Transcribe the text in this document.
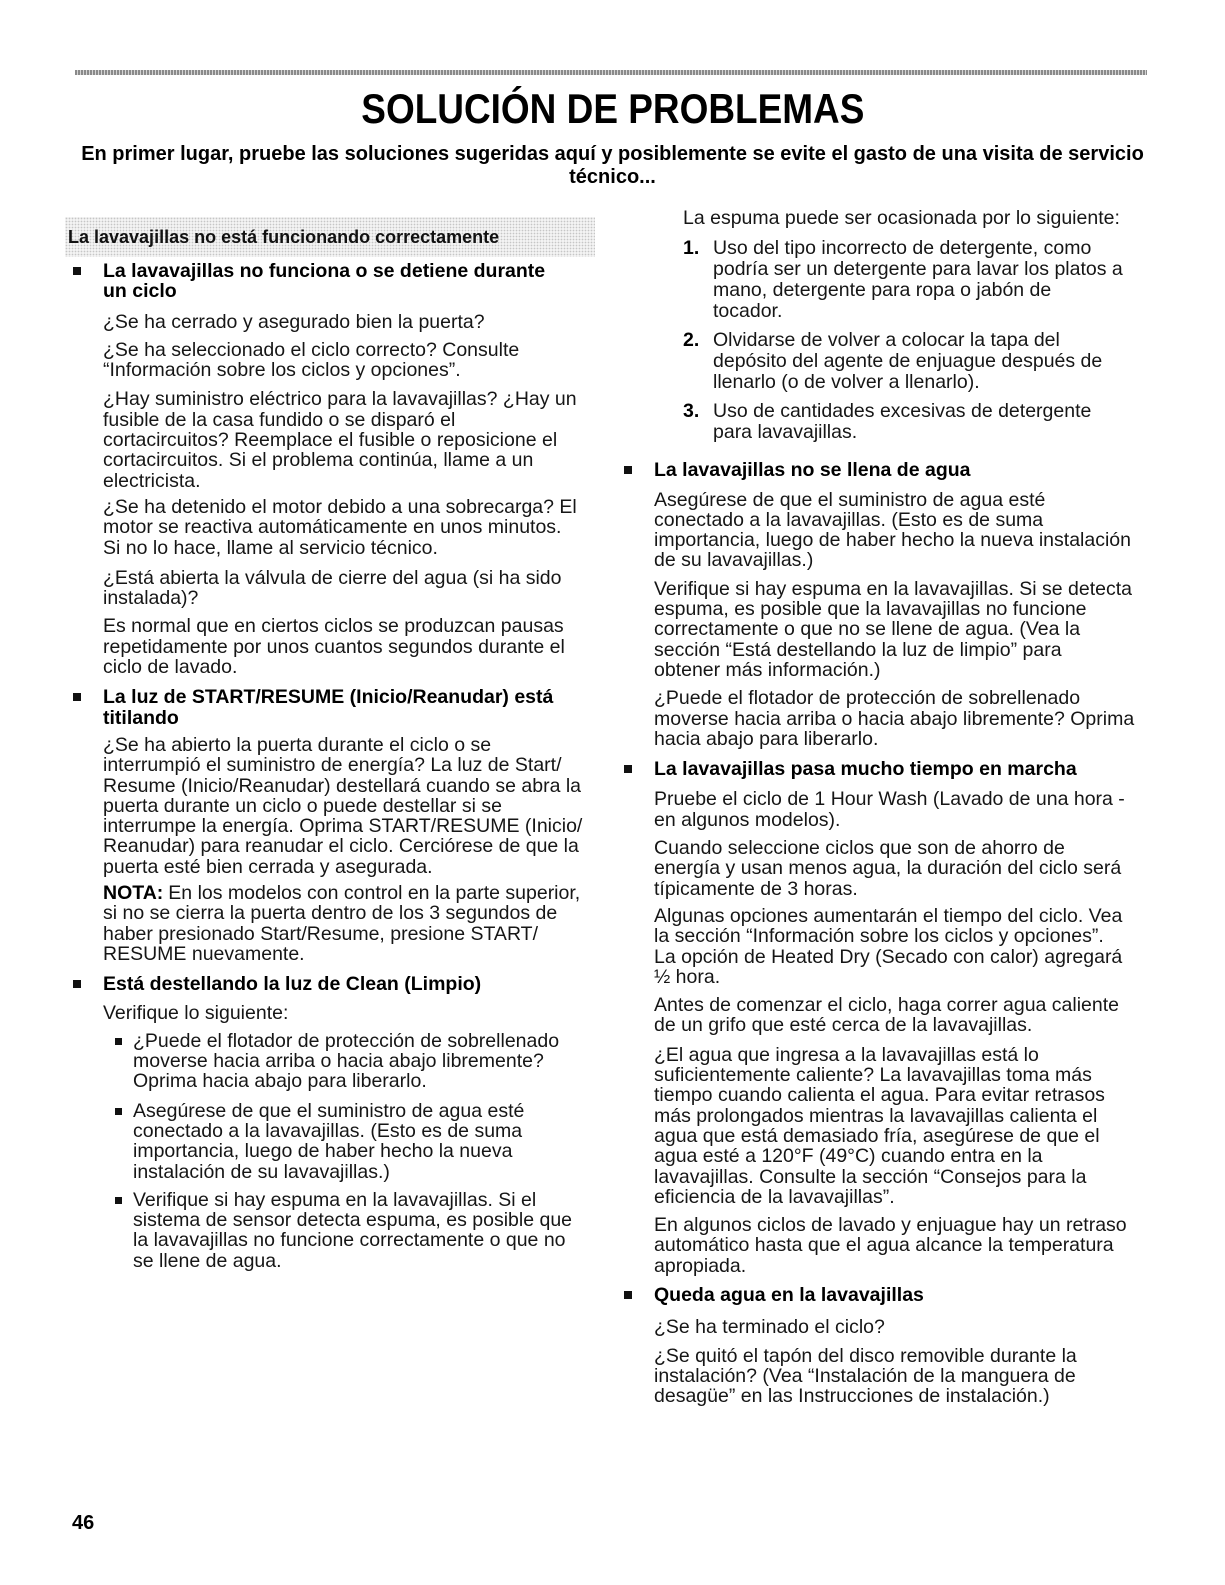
SOLUCIÓN DE PROBLEMAS
En primer lugar, pruebe las soluciones sugeridas aquí y posiblemente se evite el gasto de una visita de servicio
técnico...
La lavavajillas no está funcionando correctamente
La lavavajillas no funciona o se detiene durante
un ciclo

¿Se ha cerrado y asegurado bien la puerta?

¿Se ha seleccionado el ciclo correcto? Consulte
“Información sobre los ciclos y opciones”.

¿Hay suministro eléctrico para la lavavajillas? ¿Hay un
fusible de la casa fundido o se disparó el
cortacircuitos? Reemplace el fusible o reposicione el
cortacircuitos. Si el problema continúa, llame a un
electricista.

¿Se ha detenido el motor debido a una sobrecarga? El
motor se reactiva automáticamente en unos minutos.
Si no lo hace, llame al servicio técnico.

¿Está abierta la válvula de cierre del agua (si ha sido
instalada)?

Es normal que en ciertos ciclos se produzcan pausas
repetidamente por unos cuantos segundos durante el
ciclo de lavado.

La luz de START/RESUME (Inicio/Reanudar) está
titilando

¿Se ha abierto la puerta durante el ciclo o se
interrumpió el suministro de energía? La luz de Start/
Resume (Inicio/Reanudar) destellará cuando se abra la
puerta durante un ciclo o puede destellar si se
interrumpe la energía. Oprima START/RESUME (Inicio/
Reanudar) para reanudar el ciclo. Cerciórese de que la
puerta esté bien cerrada y asegurada.

NOTA: En los modelos con control en la parte superior,
si no se cierra la puerta dentro de los 3 segundos de
haber presionado Start/Resume, presione START/
RESUME nuevamente.

Está destellando la luz de Clean (Limpio)

Verifique lo siguiente:

¿Puede el flotador de protección de sobrellenado
moverse hacia arriba o hacia abajo libremente?
Oprima hacia abajo para liberarlo.
Asegúrese de que el suministro de agua esté
conectado a la lavavajillas. (Esto es de suma
importancia, luego de haber hecho la nueva
instalación de su lavavajillas.)
Verifique si hay espuma en la lavavajillas. Si el
sistema de sensor detecta espuma, es posible que
la lavavajillas no funcione correctamente o que no
se llene de agua.

La espuma puede ser ocasionada por lo siguiente:

1. Uso del tipo incorrecto de detergente, como
podría ser un detergente para lavar los platos a
mano, detergente para ropa o jabón de
tocador.
2. Olvidarse de volver a colocar la tapa del
depósito del agente de enjuague después de
llenarlo (o de volver a llenarlo).
3. Uso de cantidades excesivas de detergente
para lavavajillas.
La lavavajillas no se llena de agua

Asegúrese de que el suministro de agua esté
conectado a la lavavajillas. (Esto es de suma
importancia, luego de haber hecho la nueva instalación
de su lavavajillas.)

Verifique si hay espuma en la lavavajillas. Si se detecta
espuma, es posible que la lavavajillas no funcione
correctamente o que no se llene de agua. (Vea la
sección “Está destellando la luz de limpio” para
obtener más información.)

¿Puede el flotador de protección de sobrellenado
moverse hacia arriba o hacia abajo libremente? Oprima
hacia abajo para liberarlo.

La lavavajillas pasa mucho tiempo en marcha

Pruebe el ciclo de 1 Hour Wash (Lavado de una hora -
en algunos modelos).

Cuando seleccione ciclos que son de ahorro de
energía y usan menos agua, la duración del ciclo será
típicamente de 3 horas.

Algunas opciones aumentarán el tiempo del ciclo. Vea
la sección “Información sobre los ciclos y opciones”.
La opción de Heated Dry (Secado con calor) agregará
½ hora.

Antes de comenzar el ciclo, haga correr agua caliente
de un grifo que esté cerca de la lavavajillas.

¿El agua que ingresa a la lavavajillas está lo
suficientemente caliente? La lavavajillas toma más
tiempo cuando calienta el agua. Para evitar retrasos
más prolongados mientras la lavavajillas calienta el
agua que está demasiado fría, asegúrese de que el
agua esté a 120°F (49°C) cuando entra en la
lavavajillas. Consulte la sección “Consejos para la
eficiencia de la lavavajillas”.

En algunos ciclos de lavado y enjuague hay un retraso
automático hasta que el agua alcance la temperatura
apropiada.

Queda agua en la lavavajillas

¿Se ha terminado el ciclo?

¿Se quitó el tapón del disco removible durante la
instalación? (Vea “Instalación de la manguera de
desagüe” en las Instrucciones de instalación.)

46
